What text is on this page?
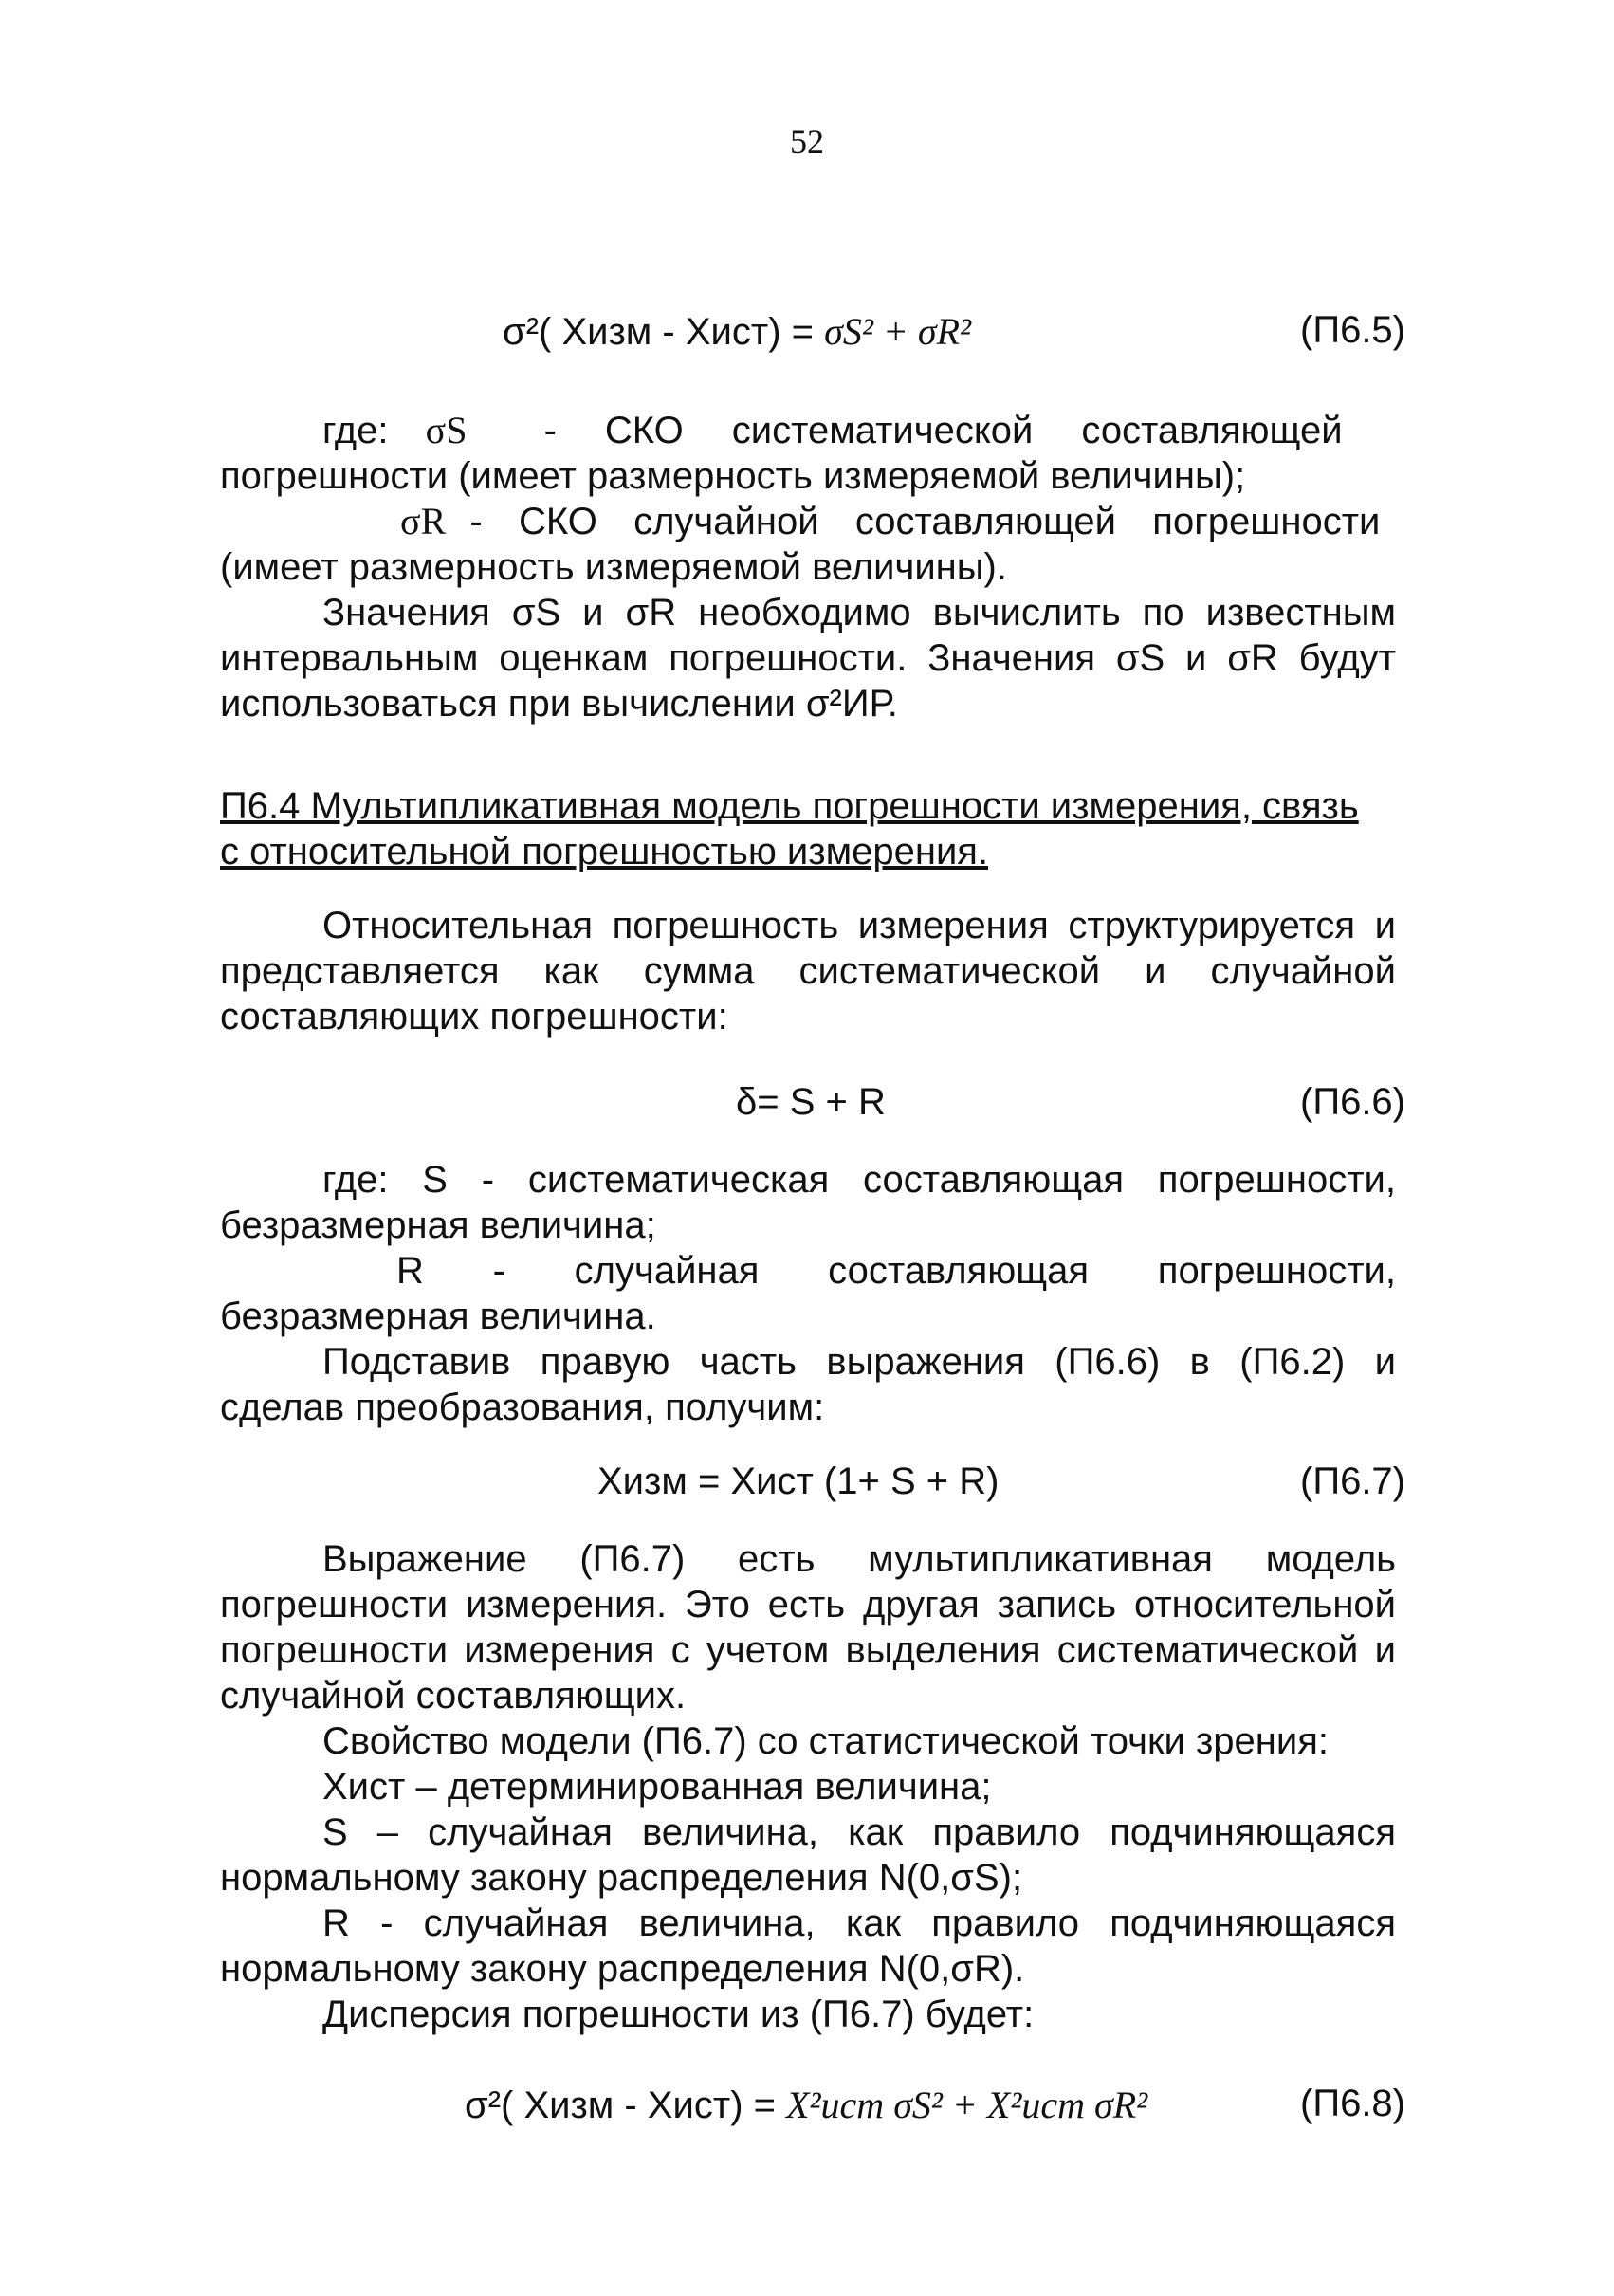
52
σ²( Xизм - Xист) = σS² + σR²	(П6.5)
где: σS - СКО систематической составляющей
погрешности (имеет размерность измеряемой величины);
σR - СКО случайной составляющей погрешности
(имеет размерность измеряемой величины).
Значения σS и σR необходимо вычислить по известным
интервальным оценкам погрешности. Значения σS и σR будут
использоваться при вычислении σ²ИР.
П6.4 Мультипликативная модель погрешности измерения, связь
с относительной погрешностью измерения.
Относительная погрешность измерения структурируется и
представляется как сумма систематической и случайной
составляющих погрешности:
δ= S + R	(П6.6)
где: S - систематическая составляющая погрешности,
безразмерная величина;
R - случайная составляющая погрешности,
безразмерная величина.
Подставив правую часть выражения (П6.6) в (П6.2) и
сделав преобразования, получим:
Xизм = Xист (1+ S + R)	(П6.7)
Выражение (П6.7) есть мультипликативная модель
погрешности измерения. Это есть другая запись относительной
погрешности измерения с учетом выделения систематической и
случайной составляющих.
Свойство модели (П6.7) со статистической точки зрения:
Xист – детерминированная величина;
S – случайная величина, как правило подчиняющаяся
нормальному закону распределения N(0,σS);
R - случайная величина, как правило подчиняющаяся
нормальному закону распределения N(0,σR).
Дисперсия погрешности из (П6.7) будет:
σ²( Xизм - Xист) = X²ист σS² + X²ист σR²	(П6.8)
